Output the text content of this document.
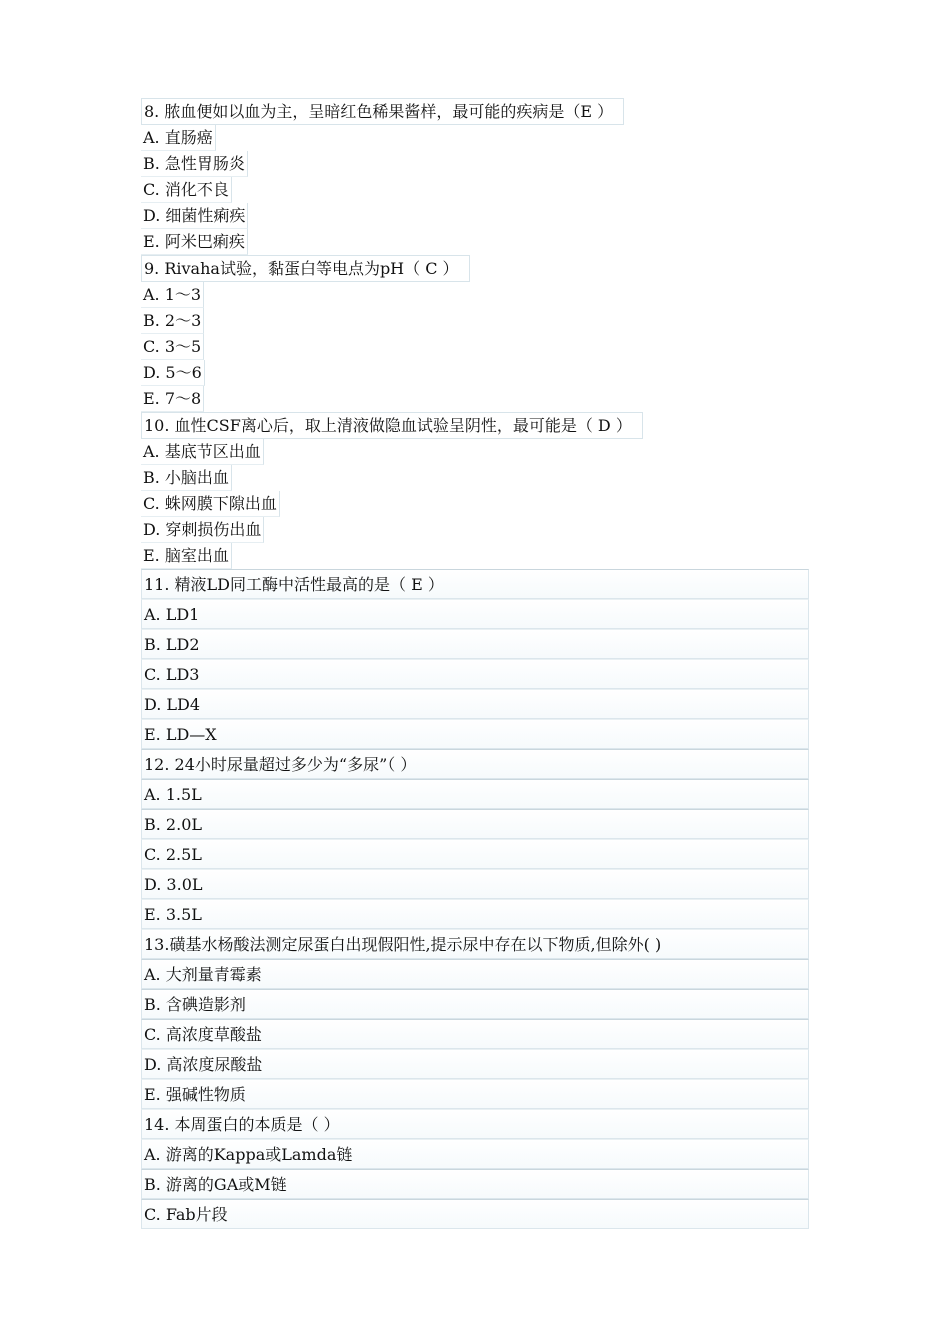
8. 脓血便如以血为主，呈暗红色稀果酱样，最可能的疾病是（E ）
A. 直肠癌
B. 急性胃肠炎
C. 消化不良
D. 细菌性痢疾
E. 阿米巴痢疾
9. Rivaha试验，黏蛋白等电点为pH（ C ）
A. 1～3
B. 2～3
C. 3～5
D. 5～6
E. 7～8
10. 血性CSF离心后，取上清液做隐血试验呈阴性，最可能是（ D ）
A. 基底节区出血
B. 小脑出血
C. 蛛网膜下隙出血
D. 穿刺损伤出血
E. 脑室出血
11. 精液LD同工酶中活性最高的是（ E ）
A. LD1
B. LD2
C. LD3
D. LD4
E. LD—X
12. 24小时尿量超过多少为“多尿”（ ）
A. 1.5L
B. 2.0L
C. 2.5L
D. 3.0L
E. 3.5L
13.磺基水杨酸法测定尿蛋白出现假阳性,提示尿中存在以下物质,但除外( )
A. 大剂量青霉素
B. 含碘造影剂
C. 高浓度草酸盐
D. 高浓度尿酸盐
E. 强碱性物质
14. 本周蛋白的本质是（ ）
A. 游离的Kappa或Lamda链
B. 游离的GA或M链
C. Fab片段
